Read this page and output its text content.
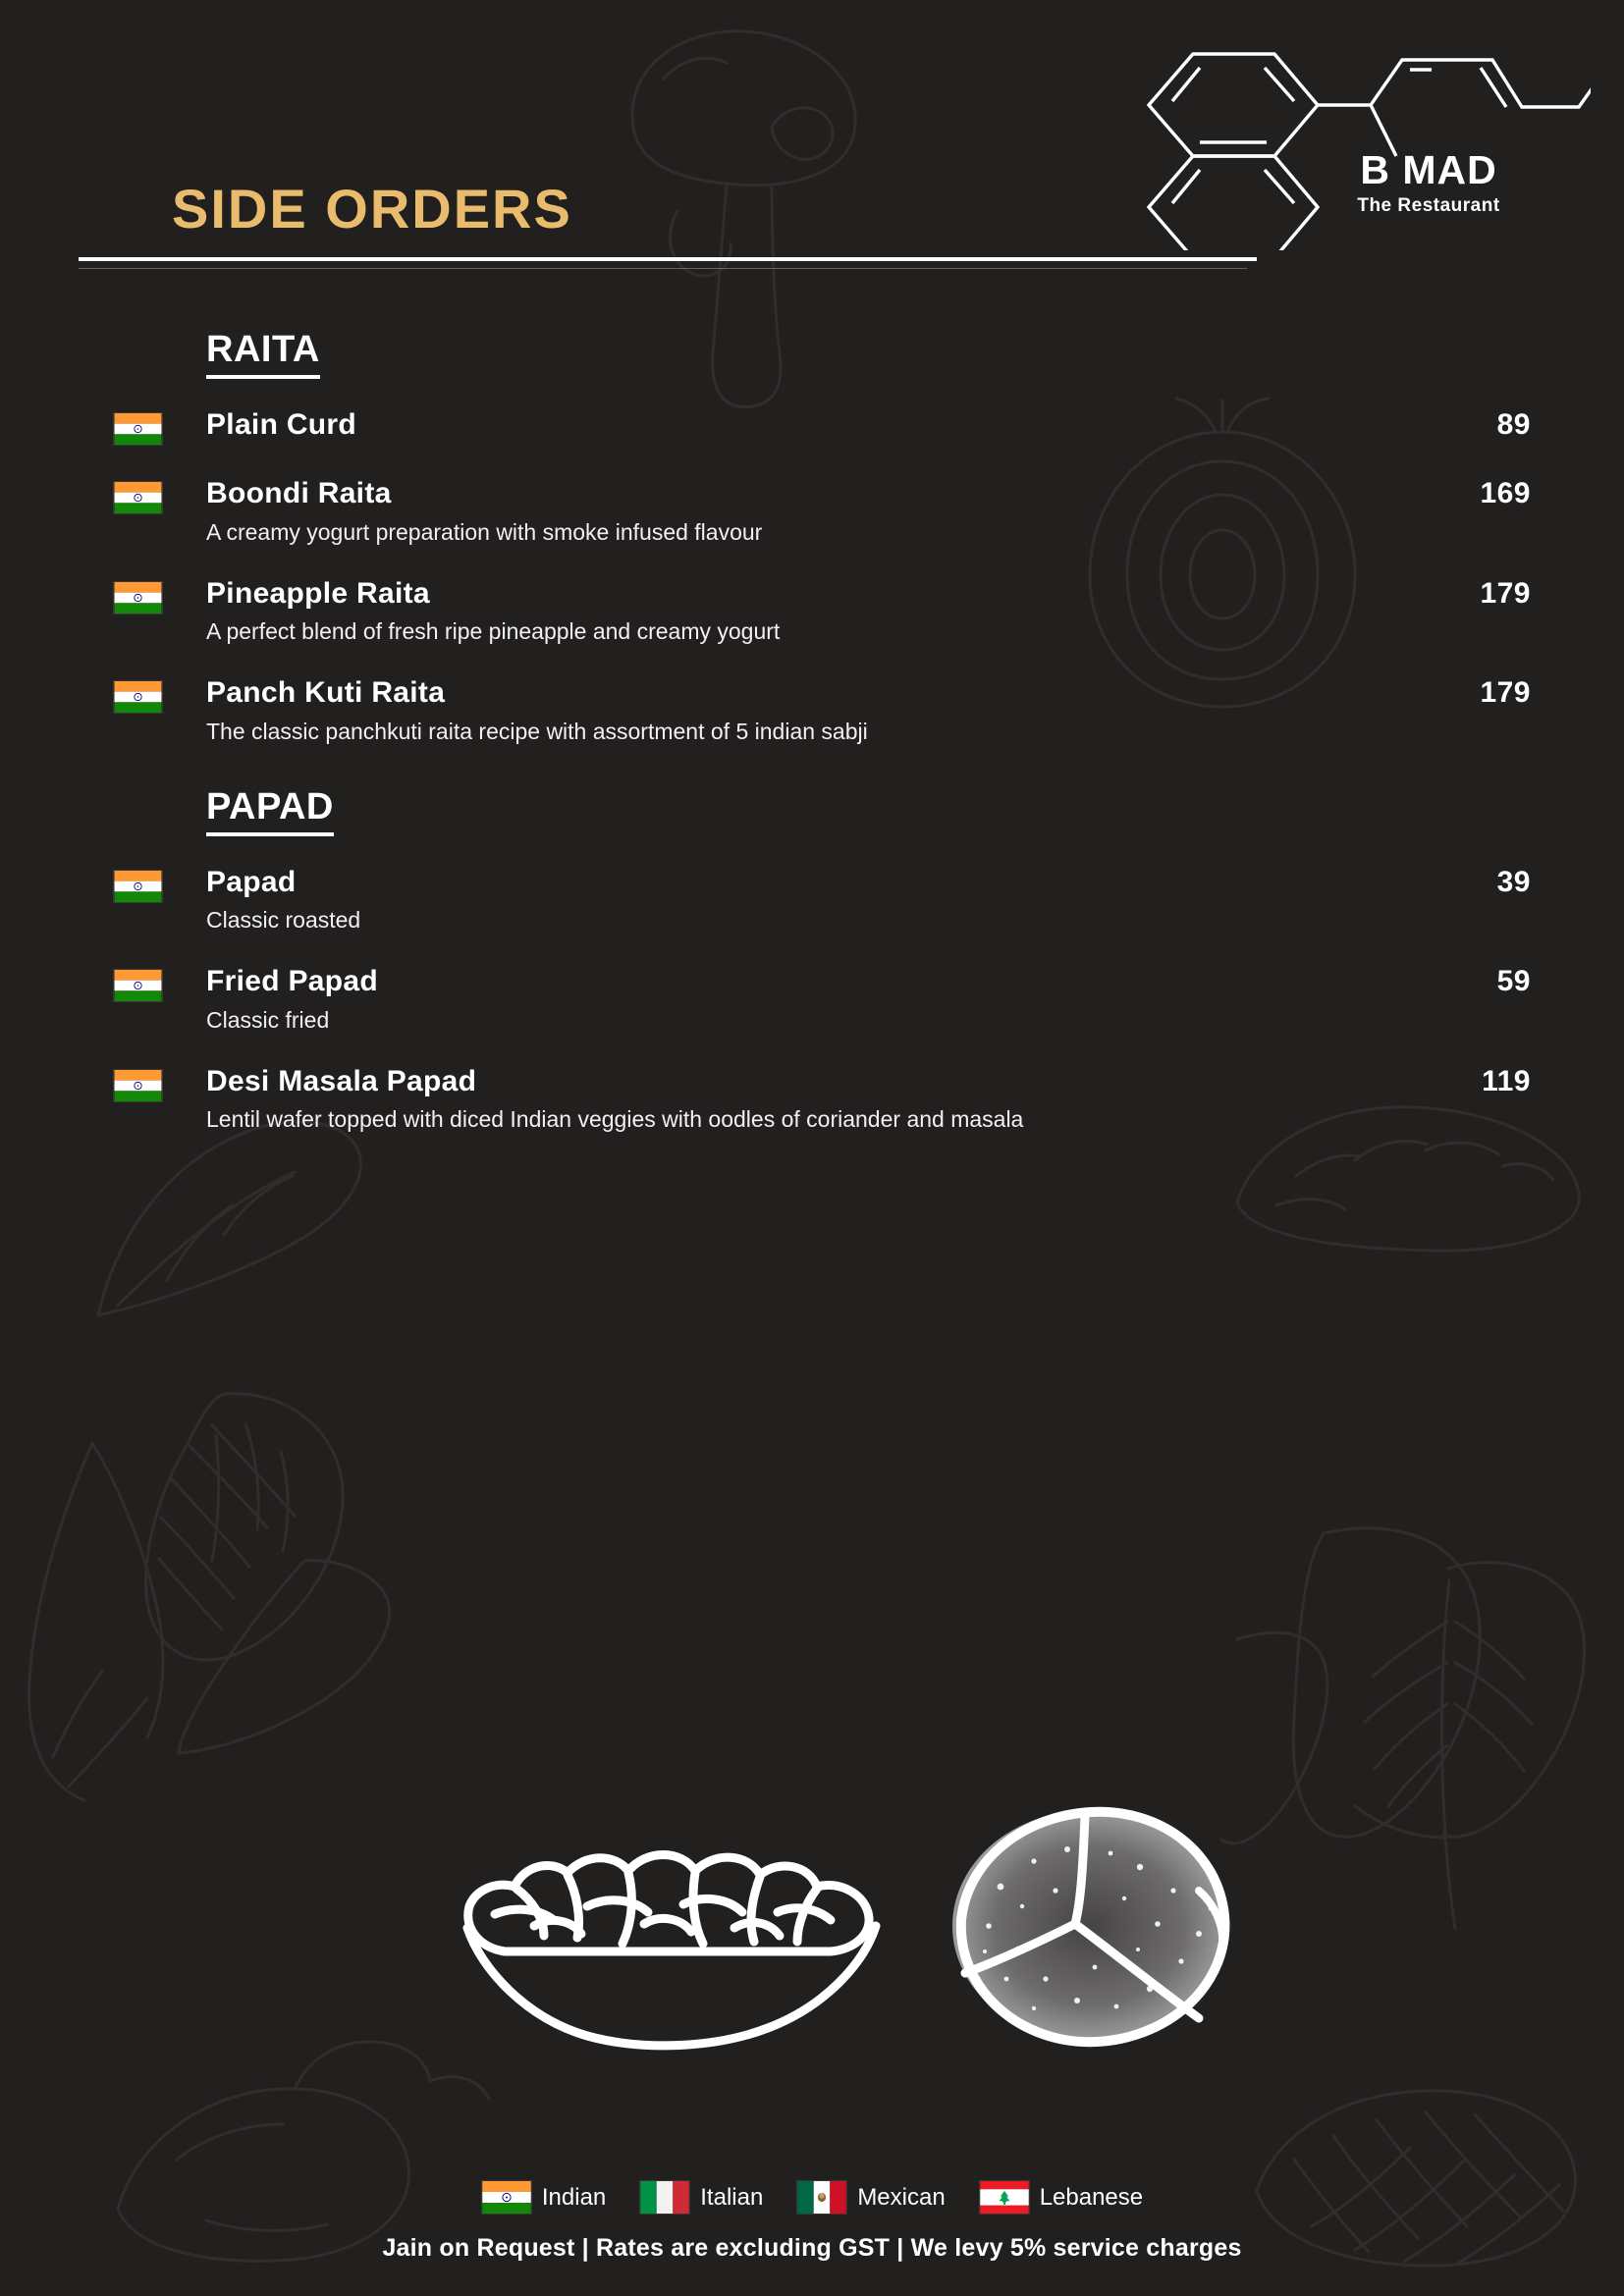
SIDE ORDERS
B MAD
The Restaurant
RAITA
Plain Curd	89
Boondi Raita	169
A creamy yogurt preparation with smoke infused flavour
Pineapple Raita	179
A perfect blend of fresh ripe pineapple and creamy yogurt
Panch Kuti Raita	179
The classic panchkuti raita recipe with assortment of 5 indian sabji
PAPAD
Papad	39
Classic roasted
Fried Papad	59
Classic fried
Desi Masala Papad	119
Lentil wafer topped with diced Indian veggies with oodles of coriander and masala
Indian	Italian	Mexican	Lebanese
Jain on Request | Rates are excluding GST | We levy 5% service charges
